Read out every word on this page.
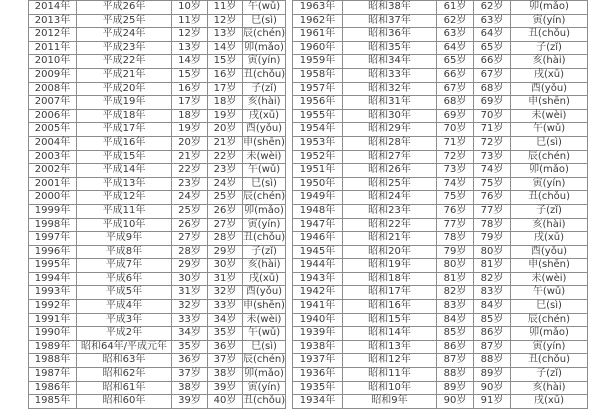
2014年	平成26年	10岁	11岁	午(wǔ)
2013年	平成25年	11岁	12岁	巳(sì)
2012年	平成24年	12岁	13岁	辰(chén)
2011年	平成23年	13岁	14岁	卯(mǎo)
2010年	平成22年	14岁	15岁	寅(yín)
2009年	平成21年	15岁	16岁	丑(chǒu)
2008年	平成20年	16岁	17岁	子(zǐ)
2007年	平成19年	17岁	18岁	亥(hài)
2006年	平成18年	18岁	19岁	戌(xū)
2005年	平成17年	19岁	20岁	酉(yǒu)
2004年	平成16年	20岁	21岁	申(shēn)
2003年	平成15年	21岁	22岁	未(wèi)
2002年	平成14年	22岁	23岁	午(wǔ)
2001年	平成13年	23岁	24岁	巳(sì)
2000年	平成12年	24岁	25岁	辰(chén)
1999年	平成11年	25岁	26岁	卯(mǎo)
1998年	平成10年	26岁	27岁	寅(yín)
1997年	平成9年	27岁	28岁	丑(chǒu)
1996年	平成8年	28岁	29岁	子(zǐ)
1995年	平成7年	29岁	30岁	亥(hài)
1994年	平成6年	30岁	31岁	戌(xū)
1993年	平成5年	31岁	32岁	酉(yǒu)
1992年	平成4年	32岁	33岁	申(shēn)
1991年	平成3年	33岁	34岁	未(wèi)
1990年	平成2年	34岁	35岁	午(wǔ)
1989年	昭和64年/平成元年	35岁	36岁	巳(sì)
1988年	昭和63年	36岁	37岁	辰(chén)
1987年	昭和62年	37岁	38岁	卯(mǎo)
1986年	昭和61年	38岁	39岁	寅(yín)
1985年	昭和60年	39岁	40岁	丑(chǒu)
1963年	昭和38年	61岁	62岁	卯(mǎo)
1962年	昭和37年	62岁	63岁	寅(yín)
1961年	昭和36年	63岁	64岁	丑(chǒu)
1960年	昭和35年	64岁	65岁	子(zǐ)
1959年	昭和34年	65岁	66岁	亥(hài)
1958年	昭和33年	66岁	67岁	戌(xū)
1957年	昭和32年	67岁	68岁	酉(yǒu)
1956年	昭和31年	68岁	69岁	申(shēn)
1955年	昭和30年	69岁	70岁	未(wèi)
1954年	昭和29年	70岁	71岁	午(wǔ)
1953年	昭和28年	71岁	72岁	巳(sì)
1952年	昭和27年	72岁	73岁	辰(chén)
1951年	昭和26年	73岁	74岁	卯(mǎo)
1950年	昭和25年	74岁	75岁	寅(yín)
1949年	昭和24年	75岁	76岁	丑(chǒu)
1948年	昭和23年	76岁	77岁	子(zǐ)
1947年	昭和22年	77岁	78岁	亥(hài)
1946年	昭和21年	78岁	79岁	戌(xū)
1945年	昭和20年	79岁	80岁	酉(yǒu)
1944年	昭和19年	80岁	81岁	申(shēn)
1943年	昭和18年	81岁	82岁	未(wèi)
1942年	昭和17年	82岁	83岁	午(wǔ)
1941年	昭和16年	83岁	84岁	巳(sì)
1940年	昭和15年	84岁	85岁	辰(chén)
1939年	昭和14年	85岁	86岁	卯(mǎo)
1938年	昭和13年	86岁	87岁	寅(yín)
1937年	昭和12年	87岁	88岁	丑(chǒu)
1936年	昭和11年	88岁	89岁	子(zǐ)
1935年	昭和10年	89岁	90岁	亥(hài)
1934年	昭和9年	90岁	91岁	戌(xū)
